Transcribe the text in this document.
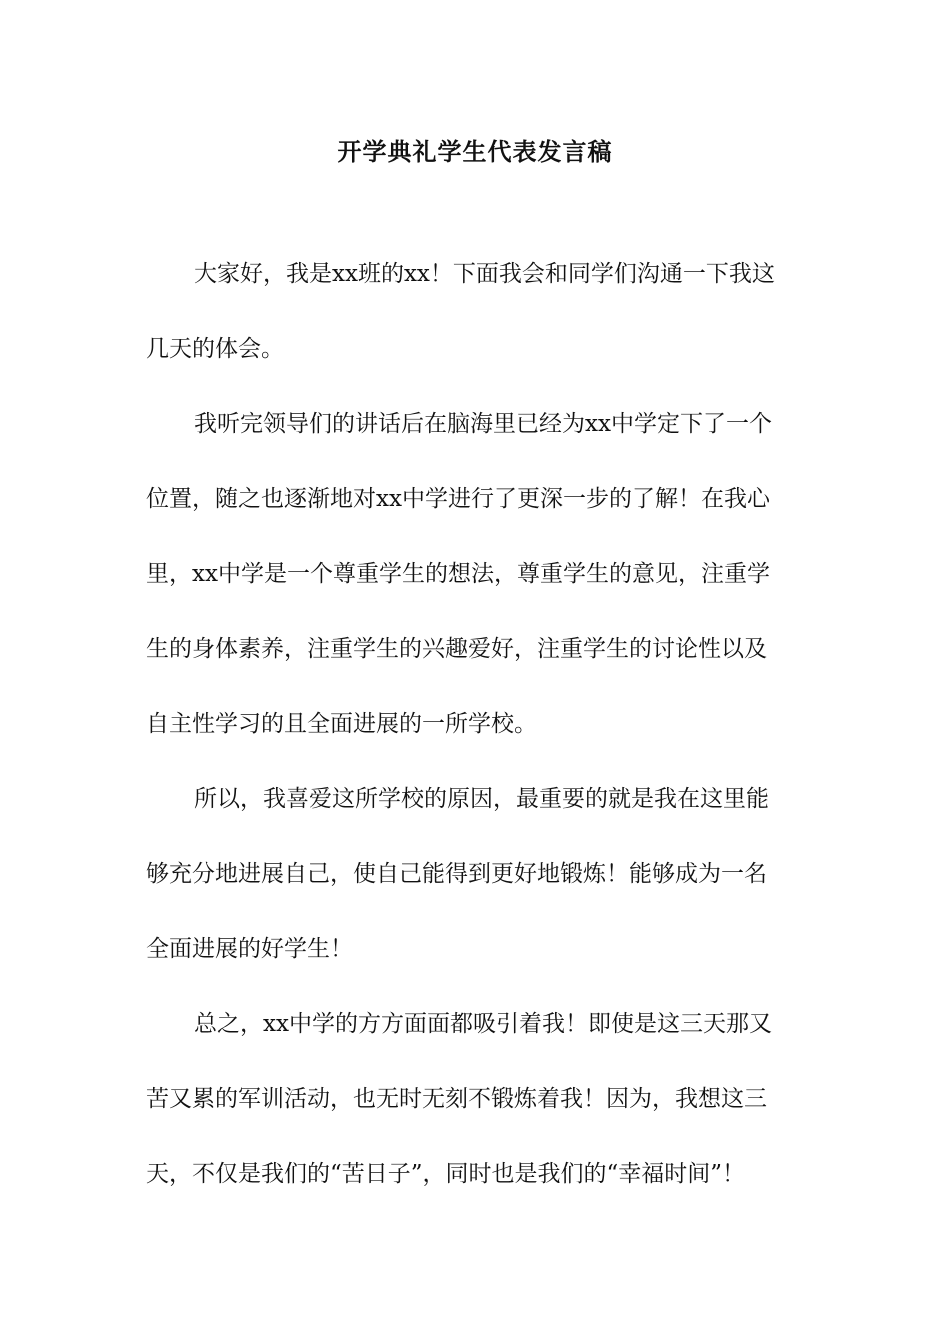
开学典礼学生代表发言稿
大家好，我是xx班的xx！下面我会和同学们沟通一下我这
几天的体会。
我听完领导们的讲话后在脑海里已经为xx中学定下了一个
位置，随之也逐渐地对xx中学进行了更深一步的了解！在我心
里，xx中学是一个尊重学生的想法，尊重学生的意见，注重学
生的身体素养，注重学生的兴趣爱好，注重学生的讨论性以及
自主性学习的且全面进展的一所学校。
所以，我喜爱这所学校的原因，最重要的就是我在这里能
够充分地进展自己，使自己能得到更好地锻炼！能够成为一名
全面进展的好学生！
总之，xx中学的方方面面都吸引着我！即使是这三天那又
苦又累的军训活动，也无时无刻不锻炼着我！因为，我想这三
天，不仅是我们的“苦日子”，同时也是我们的“幸福时间”！
